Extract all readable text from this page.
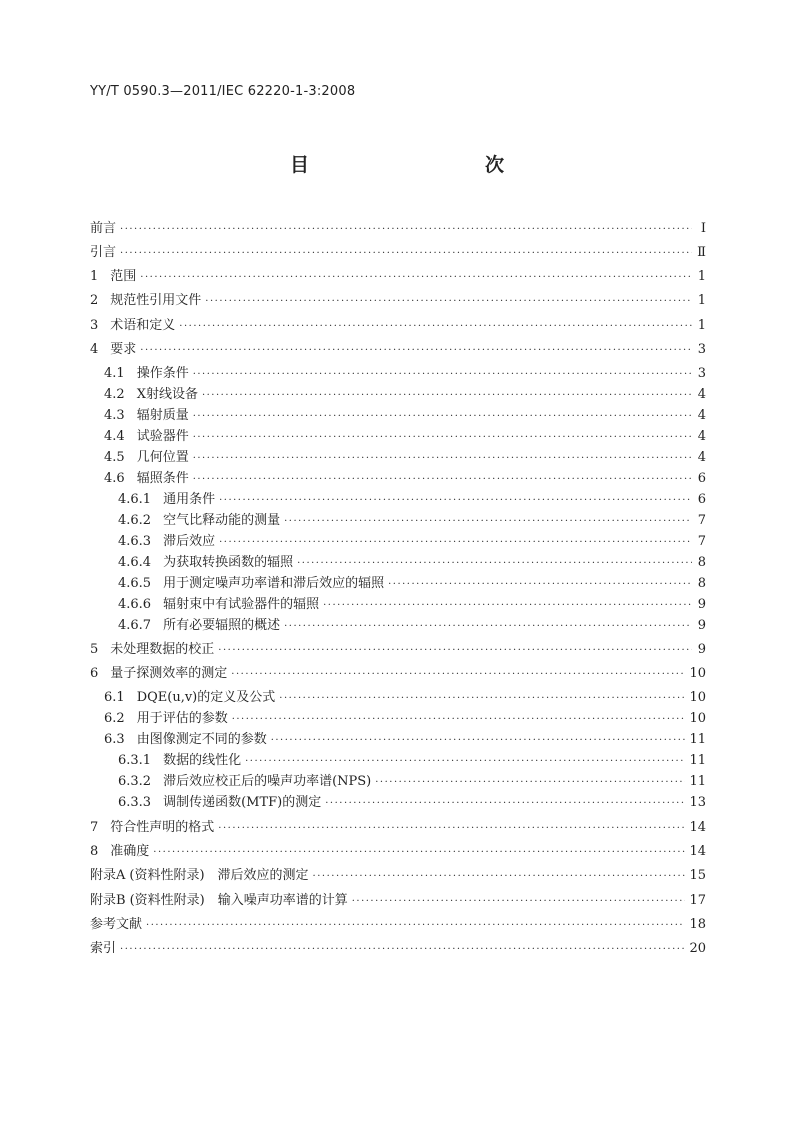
YY/T 0590.3—2011/IEC 62220-1-3:2008
目　　次
前言 ·····	Ⅰ
引言 ·····	Ⅱ
1 范围 ·····	1
2 规范性引用文件 ·····	1
3 术语和定义 ·····	1
4 要求 ·····	3
4.1 操作条件 ·····	3
4.2 X射线设备 ·····	4
4.3 辐射质量 ·····	4
4.4 试验器件 ·····	4
4.5 几何位置 ·····	4
4.6 辐照条件 ·····	6
4.6.1 通用条件 ·····	6
4.6.2 空气比释动能的测量 ·····	7
4.6.3 滞后效应 ·····	7
4.6.4 为获取转换函数的辐照 ·····	8
4.6.5 用于测定噪声功率谱和滞后效应的辐照 ·····	8
4.6.6 辐射束中有试验器件的辐照 ·····	9
4.6.7 所有必要辐照的概述 ·····	9
5 未处理数据的校正 ·····	9
6 量子探测效率的测定 ·····	10
6.1 DQE(u,v)的定义及公式 ·····	10
6.2 用于评估的参数 ·····	10
6.3 由图像测定不同的参数 ·····	11
6.3.1 数据的线性化 ·····	11
6.3.2 滞后效应校正后的噪声功率谱(NPS) ·····	11
6.3.3 调制传递函数(MTF)的测定 ·····	13
7 符合性声明的格式 ·····	14
8 准确度 ·····	14
附录A (资料性附录)　滞后效应的测定 ·····	15
附录B (资料性附录)　输入噪声功率谱的计算 ·····	17
参考文献 ·····	18
索引 ·····	20
